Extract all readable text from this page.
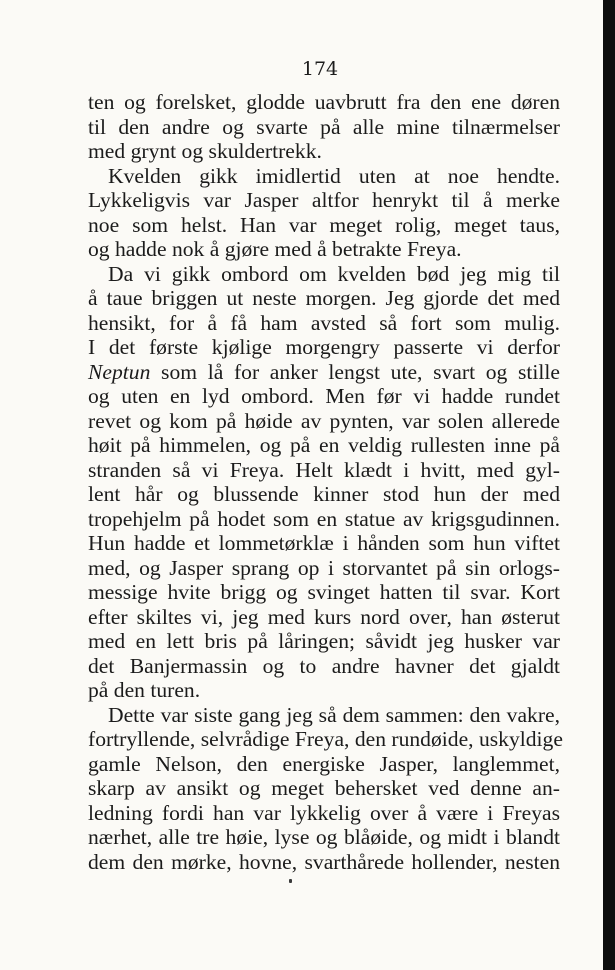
174
ten og forelsket, glodde uavbrutt fra den ene døren
til den andre og svarte på alle mine tilnærmelser
med grynt og skuldertrekk.
Kvelden gikk imidlertid uten at noe hendte.
Lykkeligvis var Jasper altfor henrykt til å merke
noe som helst. Han var meget rolig, meget taus,
og hadde nok å gjøre med å betrakte Freya.
Da vi gikk ombord om kvelden bød jeg mig til
å taue briggen ut neste morgen. Jeg gjorde det med
hensikt, for å få ham avsted så fort som mulig.
I det første kjølige morgengry passerte vi derfor
Neptun som lå for anker lengst ute, svart og stille
og uten en lyd ombord. Men før vi hadde rundet
revet og kom på høide av pynten, var solen allerede
høit på himmelen, og på en veldig rullesten inne på
stranden så vi Freya. Helt klædt i hvitt, med gyl-
lent hår og blussende kinner stod hun der med
tropehjelm på hodet som en statue av krigsgudinnen.
Hun hadde et lommetørklæ i hånden som hun viftet
med, og Jasper sprang op i storvantet på sin orlogs-
messige hvite brigg og svinget hatten til svar. Kort
efter skiltes vi, jeg med kurs nord over, han østerut
med en lett bris på låringen; såvidt jeg husker var
det Banjermassin og to andre havner det gjaldt
på den turen.
Dette var siste gang jeg så dem sammen: den vakre,
fortryllende, selvrådige Freya, den rundøide, uskyldige
gamle Nelson, den energiske Jasper, langlemmet,
skarp av ansikt og meget behersket ved denne an-
ledning fordi han var lykkelig over å være i Freyas
nærhet, alle tre høie, lyse og blåøide, og midt i blandt
dem den mørke, hovne, svarthårede hollender, nesten
